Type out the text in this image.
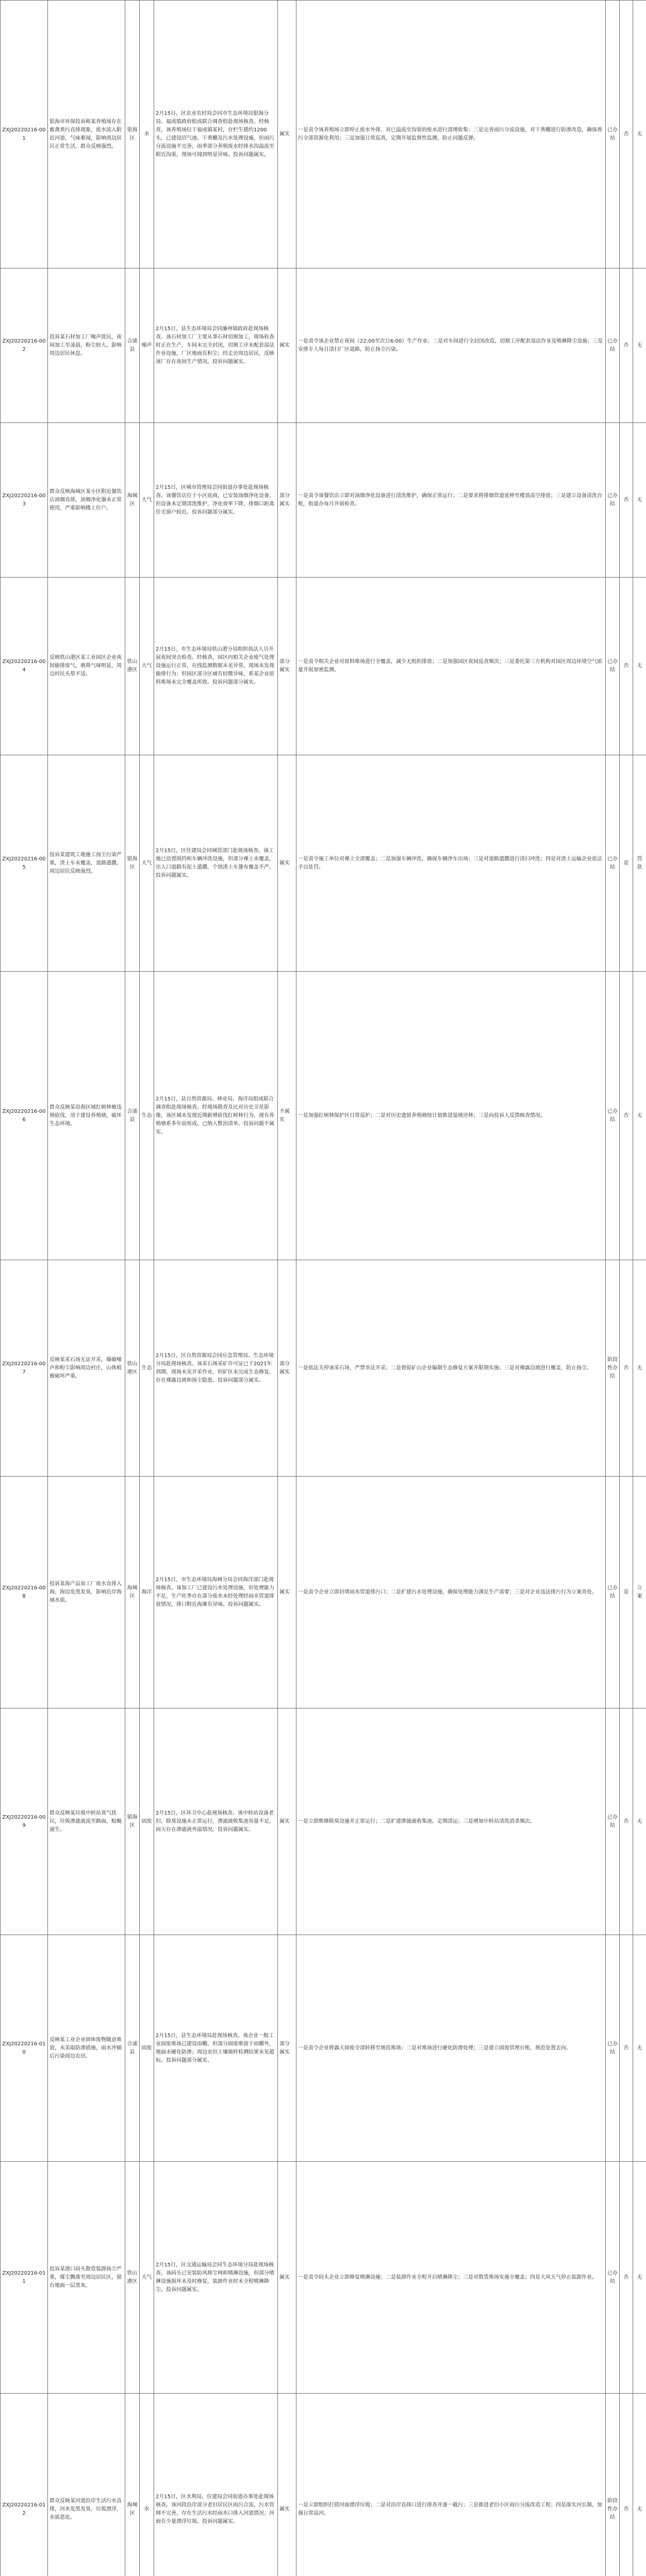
ZXJ20220216-001	银海市环保投诉称某养殖场存在畜禽粪污直排现象，废水流入附近河道，气味难闻，影响周边居民正常生活，群众反映强烈。	银海区	水	2月15日，区农业农村局会同市生态环境局银海分局、福成镇政府组成联合调查组赴现场核查。经核查，该养殖场位于福成镇某村，存栏生猪约1200头，已建设沼气池、干粪棚及污水处理设施，但雨污分流设施不完善，雨季部分养殖废水经排水沟溢流至附近沟渠，现场可闻到明显异味。投诉问题属实。	属实	一是责令该养殖场立即停止废水外排，对已溢流至沟渠的废水进行清理收集；二是完善雨污分流设施，对干粪棚进行防渗改造，确保粪污全部资源化利用；三是加强日常巡查，定期开展监督性监测，防止问题反弹。	已办结	否	无
ZXJ20220216-002	投诉某石材加工厂噪声扰民，夜间加工至凌晨，粉尘较大，影响周边居民休息。	合浦县	噪声	2月15日，县生态环境局会同廉州镇政府赴现场核查。该石材加工厂主要从事石材切割加工，现场检查时正在生产，车间未完全封闭，切割工序未配套湿法作业设施，厂区地面有积尘；经走访周边居民，反映该厂存在夜间生产情况。投诉问题属实。	属实	一是责令该企业禁止夜间（22:00至次日6:00）生产作业；二是对车间进行全封闭改造，切割工序配套湿法作业及喷淋降尘设施；三是安排专人每日清扫厂区道路，防止扬尘污染。	已办结	否	无
ZXJ20220216-003	群众反映海城区某小区附近餐饮店油烟直排，油烟净化器未正常使用，严重影响楼上住户。	海城区	大气	2月15日，区城市管理局会同街道办事处赴现场核查。该餐饮店位于小区底商，已安装油烟净化设备，但设备未定期清洗维护，净化效率下降，排烟口距离住宅窗户较近。投诉问题部分属实。	部分属实	一是责令该餐饮店立即对油烟净化设备进行清洗维护，确保正常运行；二是要求将排烟管道延伸至楼顶高空排放；三是建立设备清洗台账，街道办每月开展检查。	已办结	否	无
ZXJ20220216-004	反映铁山港区某工业园区企业夜间偷排废气，刺鼻气味明显，周边村民头晕不适。	铁山港区	大气	2月15日，市生态环境局铁山港分局组织执法人员开展夜间突击检查。经核查，园区内相关企业废气处理设施运行正常，在线监测数据未见异常，现场未发现偷排行为；但园区部分区域有轻微异味，系某企业原料堆场未完全覆盖所致。投诉问题部分属实。	部分属实	一是责令相关企业对原料堆场进行全覆盖，减少无组织排放；二是加强园区夜间巡查频次；三是委托第三方机构对园区周边环境空气质量开展加密监测。	已办结	否	无
ZXJ20220216-005	投诉某建筑工地施工扬尘污染严重，渣土车未覆盖，道路遗撒，周边居民反映强烈。	银海区	大气	2月15日，区住建局会同城管部门赴现场核查。该工地已设置围挡和车辆冲洗设施，但部分裸土未覆盖，出入口道路有泥土遗撒，个别渣土车篷布覆盖不严。投诉问题属实。	属实	一是责令施工单位对裸土全部覆盖；二是加强车辆冲洗，确保车辆净车出场；三是对道路遗撒进行清扫冲洗；四是对渣土运输企业依法予以处罚。	已办结	是	罚款
ZXJ20220216-006	群众反映某沿海区域红树林被违规砍伐，用于建设养殖塘，破坏生态环境。	合浦县	生态	2月15日，县自然资源局、林业局、海洋局组成联合调查组赴现场核查。经现场勘查及比对历史卫星影像，该区域未发现近期新增砍伐红树林行为，现有养殖塘系多年前形成，已纳入整治清单。投诉问题不属实。	不属实	一是加强红树林保护区日常巡护；二是对历史遗留养殖塘按计划推进退塘还林；三是向投诉人反馈核查情况。	已办结	否	无
ZXJ20220216-007	反映某采石场无证开采，爆破噪声和粉尘影响周边村庄，山体植被破坏严重。	铁山港区	生态	2月15日，区自然资源局会同应急管理局、生态环境分局赴现场核查。该采石场采矿许可证已于2021年到期，现场未见开采作业，但矿区未完成生态修复，存在裸露边坡和扬尘隐患。投诉问题部分属实。	部分属实	一是依法关停该采石场，严禁非法开采；二是督促矿山企业编制生态修复方案并限期实施；三是对裸露边坡进行覆盖，防止扬尘。	阶段性办结	否	无
ZXJ20220216-008	投诉某海产品加工厂废水直排入海，海边发黑发臭，影响近岸海域水质。	海城区	海洋	2月15日，市生态环境局海城分局会同海洋部门赴现场核查。该加工厂已建设污水处理设施，但处理能力不足，生产旺季存在部分废水未经处理经雨水管道排放情况，排口附近海滩有异味。投诉问题属实。	属实	一是责令企业立即封堵雨水管道排污口；二是扩建污水处理设施，确保处理能力满足生产需要；三是对企业违法排污行为立案查处。	已办结	是	立案
ZXJ20220216-009	群众反映某垃圾中转站臭气扰民，垃圾渗滤液流至路面，蚊蝇滋生。	银海区	固废	2月15日，区环卫中心赴现场核查。该中转站设备老旧，除臭设施未正常运行，渗滤液收集池容量不足，雨天存在渗滤液外溢情况。投诉问题属实。	属实	一是立即维修除臭设施并正常运行；二是扩建渗滤液收集池，定期清运；三是增加中转站清洗消杀频次。	已办结	否	无
ZXJ20220216-010	反映某工业企业固体废物随意堆放，未采取防渗措施，雨水冲刷后污染周边农田。	合浦县	固废	2月15日，县生态环境局赴现场核查。该企业一般工业固废堆场已建设雨棚，但部分固废堆放于雨棚外，地面未硬化防渗；周边农田土壤抽样检测结果未见超标。投诉问题部分属实。	部分属实	一是责令企业将露天固废全部转移至规范堆场；二是对堆场进行硬化防渗处理；三是建立固废管理台账，规范处置去向。	已办结	否	无
ZXJ20220216-011	投诉某港口码头散货装卸扬尘严重，煤尘飘落至周边居民区，窗台地面一层黑灰。	铁山港区	大气	2月15日，区交通运输局会同生态环境分局赴现场核查。该码头已安装防风抑尘网和喷淋设施，但部分喷淋设施损坏未及时修复，装卸作业时未全程喷淋降尘。投诉问题属实。	属实	一是责令码头企业立即修复喷淋设施；二是装卸作业全程开启喷淋降尘；三是对散货堆场实施全覆盖；四是大风天气停止装卸作业。	已办结	否	无
ZXJ20220216-012	群众反映某河道沿岸生活污水直排，河水发黑发臭，垃圾漂浮，水质恶化。	海城区	水	2月15日，区水利局、住建局会同街道办事处赴现场核查。该河段沿岸部分老旧居民区雨污合流，污水管网不完善，存在生活污水经雨水口排入河道情况；河面有少量漂浮垃圾。投诉问题属实。	属实	一是立即组织打捞河面漂浮垃圾；二是对沿岸直排口进行排查并逐一截污；三是推进老旧小区雨污分流改造工程；四是落实河长制，加强日常巡河。	阶段性办结	否	无
